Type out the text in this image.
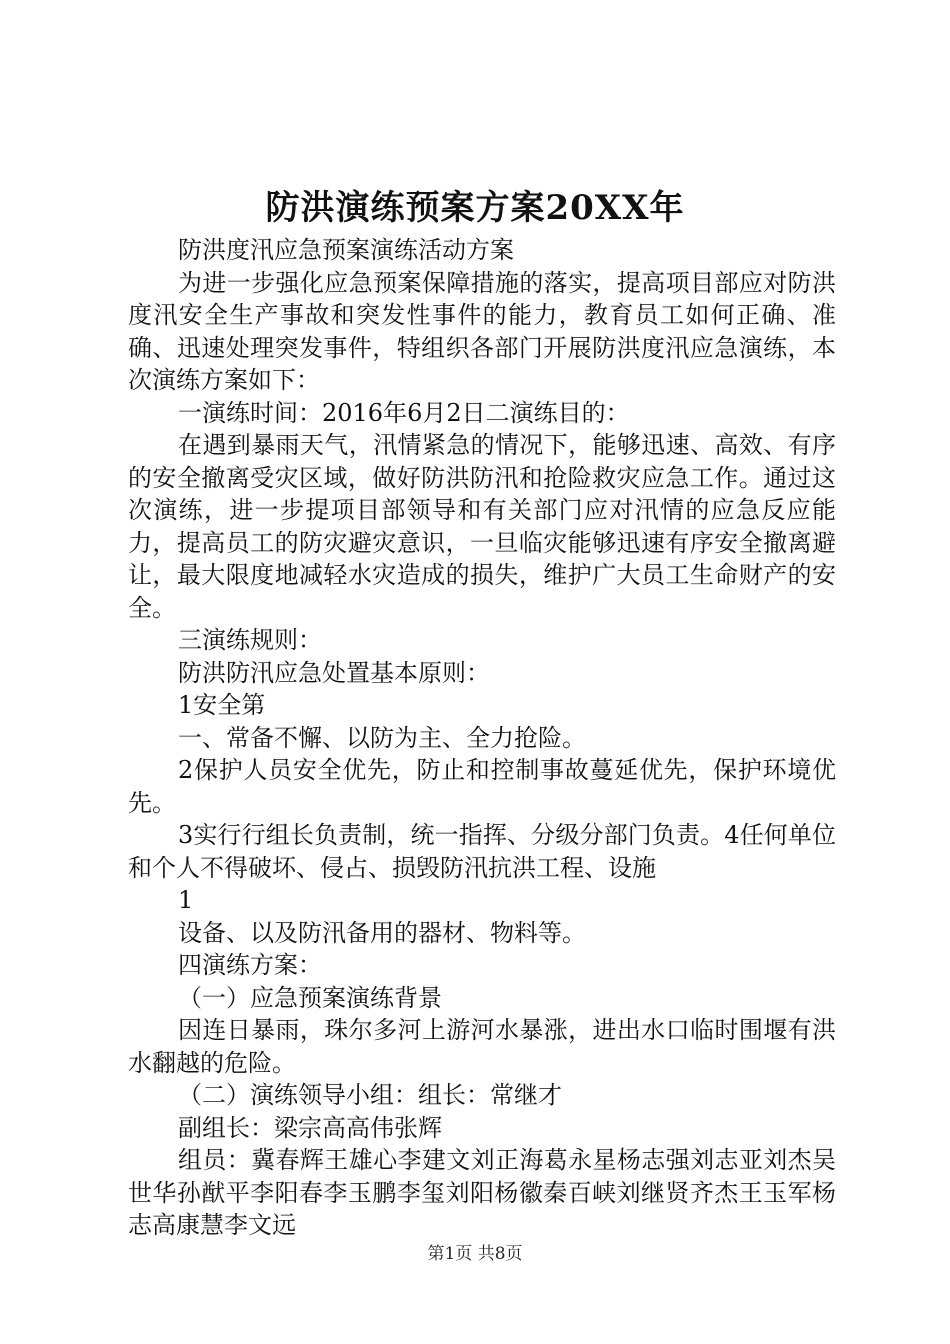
防洪演练预案方案20XX年

防洪度汛应急预案演练活动方案

为进一步强化应急预案保障措施的落实，提高项目部应对防洪度汛安全生产事故和突发性事件的能力，教育员工如何正确、准确、迅速处理突发事件，特组织各部门开展防洪度汛应急演练，本次演练方案如下：

一演练时间：2016年6月2日二演练目的：

在遇到暴雨天气，汛情紧急的情况下，能够迅速、高效、有序的安全撤离受灾区域，做好防洪防汛和抢险救灾应急工作。通过这次演练，进一步提项目部领导和有关部门应对汛情的应急反应能力，提高员工的防灾避灾意识，一旦临灾能够迅速有序安全撤离避让，最大限度地减轻水灾造成的损失，维护广大员工生命财产的安全。

三演练规则：

防洪防汛应急处置基本原则：

1安全第

一、常备不懈、以防为主、全力抢险。

2保护人员安全优先，防止和控制事故蔓延优先，保护环境优先。

3实行行组长负责制，统一指挥、分级分部门负责。4任何单位和个人不得破坏、侵占、损毁防汛抗洪工程、设施

1

设备、以及防汛备用的器材、物料等。

四演练方案：

（一）应急预案演练背景

因连日暴雨，珠尔多河上游河水暴涨，进出水口临时围堰有洪水翻越的危险。

（二）演练领导小组：组长：常继才

副组长：梁宗高高伟张辉

组员：冀春辉王雄心李建文刘正海葛永星杨志强刘志亚刘杰吴世华孙猷平李阳春李玉鹏李玺刘阳杨徽秦百峡刘继贤齐杰王玉军杨志高康慧李文远

第1页 共8页
